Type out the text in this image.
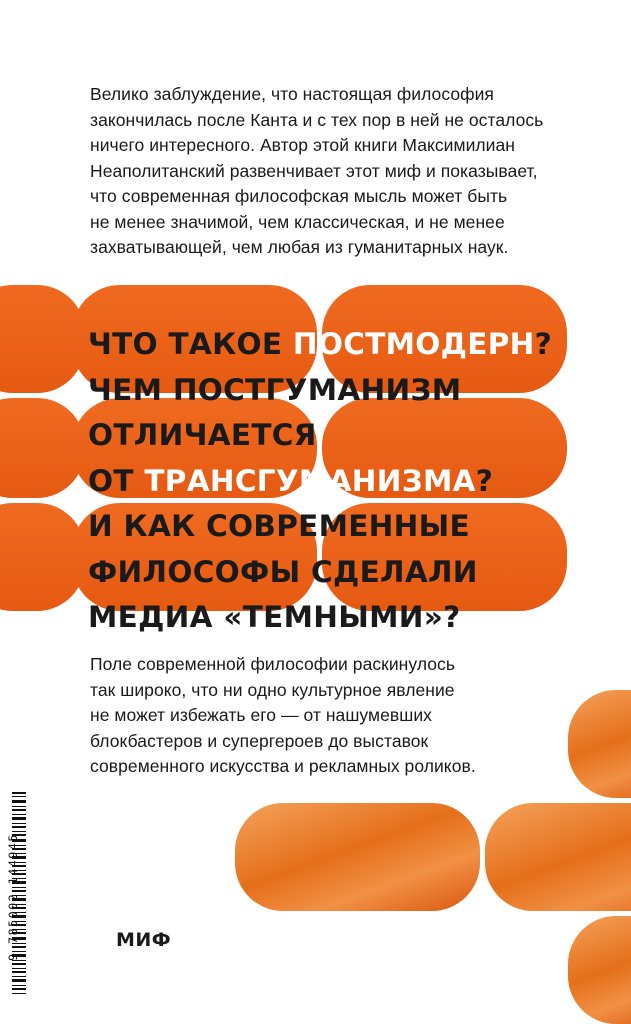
Велико заблуждение, что настоящая философия
закончилась после Канта и с тех пор в ней не осталось
ничего интересного. Автор этой книги Максимилиан
Неаполитанский развенчивает этот миф и показывает,
что современная философская мысль может быть
не менее значимой, чем классическая, и не менее
захватывающей, чем любая из гуманитарных наук.

ЧТО ТАКОЕ ПОСТМОДЕРН?
ЧЕМ ПОСТГУМАНИЗМ
ОТЛИЧАЕТСЯ
ОТ ТРАНСГУМАНИЗМА?
И КАК СОВРЕМЕННЫЕ
ФИЛОСОФЫ СДЕЛАЛИ
МЕДИА «ТЕМНЫМИ»?

Поле современной философии раскинулось
так широко, что ни одно культурное явление
не может избежать его — от нашумевших
блокбастеров и супергероев до выставок
современного искусства и рекламных роликов.

9 785002 144945	МИФ
